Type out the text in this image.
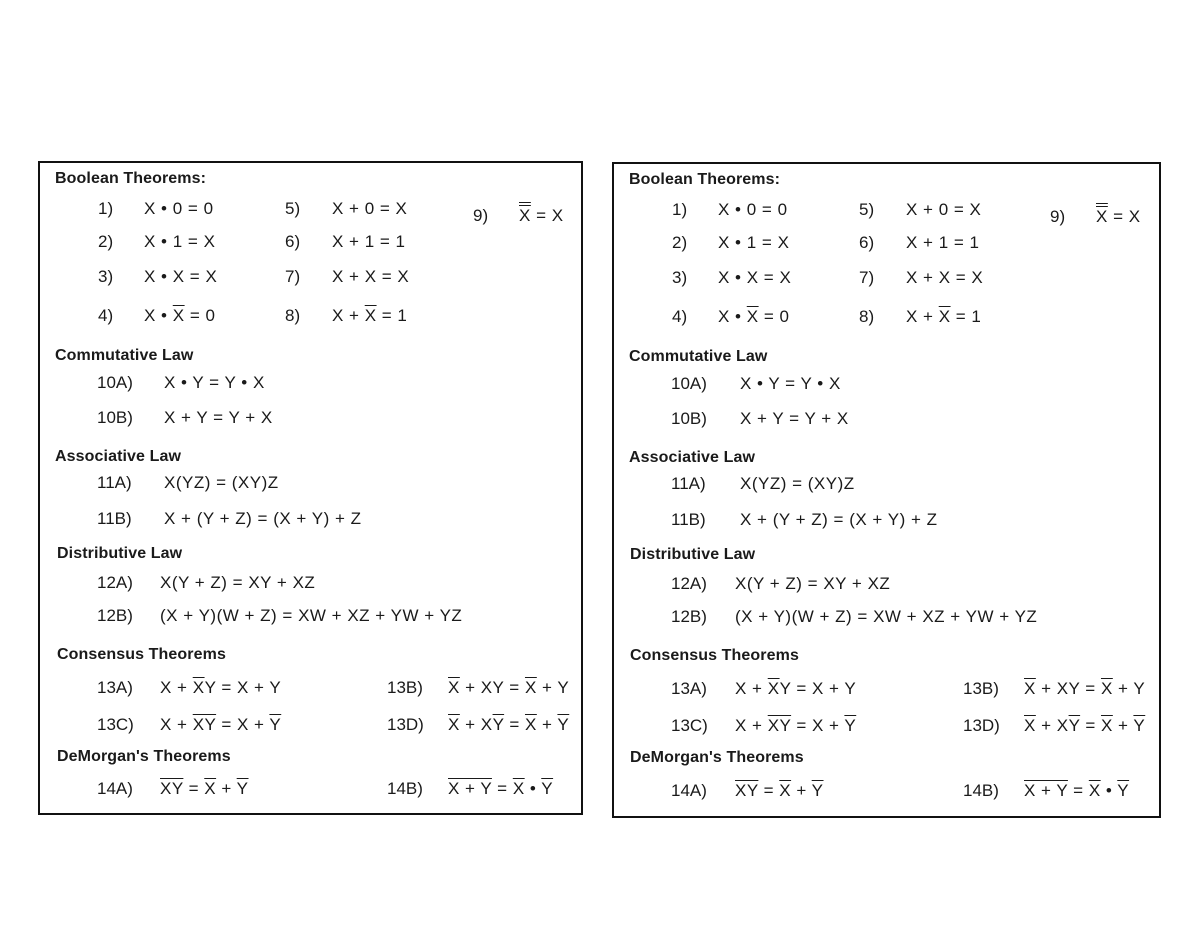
Boolean Theorems:
1) X • 0 = 0	5) X + 0 = X	9) X = X
2) X • 1 = X	6) X + 1 = 1
3) X • X = X	7) X + X = X
4) X • $\overline{X} = 0$	8) $X + \overline{X} = 1$
Commutative Law
10A) X • Y = Y • X
10B) X + Y = Y + X
Associative Law
11A) X(YZ) = (XY)Z
11B) X + (Y + Z) = (X + Y) + Z
Distributive Law
12A) X(Y + Z) = XY + XZ
12B) (X + Y)(W + Z) = XW + XZ + YW + YZ
Consensus Theorems
13A) $X + \overline{X}Y = X + Y$	13B) $\overline{X}$ + XY = $\overline{X} + Y$
13C) $X + \overline{XY} = X + \overline{Y}$	13D) $\overline{X} + X\overline{Y} = \overline{X} + \overline{Y}$
DeMorgan's Theorems
14A) $\overline{XY} = \overline{X} + \overline{Y}$	14B) $X + Y = \overline{X}$ • $\overline{Y}$
Boolean Theorems:
1) X • 0 = 0	5) X + 0 = X	9) X = X
2) X • 1 = X	6) X + 1 = 1
3) X • X = X	7) X + X = X
4) X • $\overline{X} = 0$	8) $X + \overline{X} = 1$
Commutative Law
10A) X • Y = Y • X
10B) X + Y = Y + X
Associative Law
11A) X(YZ) = (XY)Z
11B) X + (Y + Z) = (X + Y) + Z
Distributive Law
12A) X(Y + Z) = XY + XZ
12B) (X + Y)(W + Z) = XW + XZ + YW + YZ
Consensus Theorems
13A) $X + \overline{X}Y = X + Y$	13B) $\overline{X}$ + XY = $\overline{X} + Y$
13C) $X + \overline{XY} = X + \overline{Y}$	13D) $\overline{X} + X\overline{Y} = \overline{X} + \overline{Y}$
DeMorgan's Theorems
14A) $\overline{XY} = \overline{X} + \overline{Y}$	14B) $X + Y = \overline{X}$ • $\overline{Y}$
